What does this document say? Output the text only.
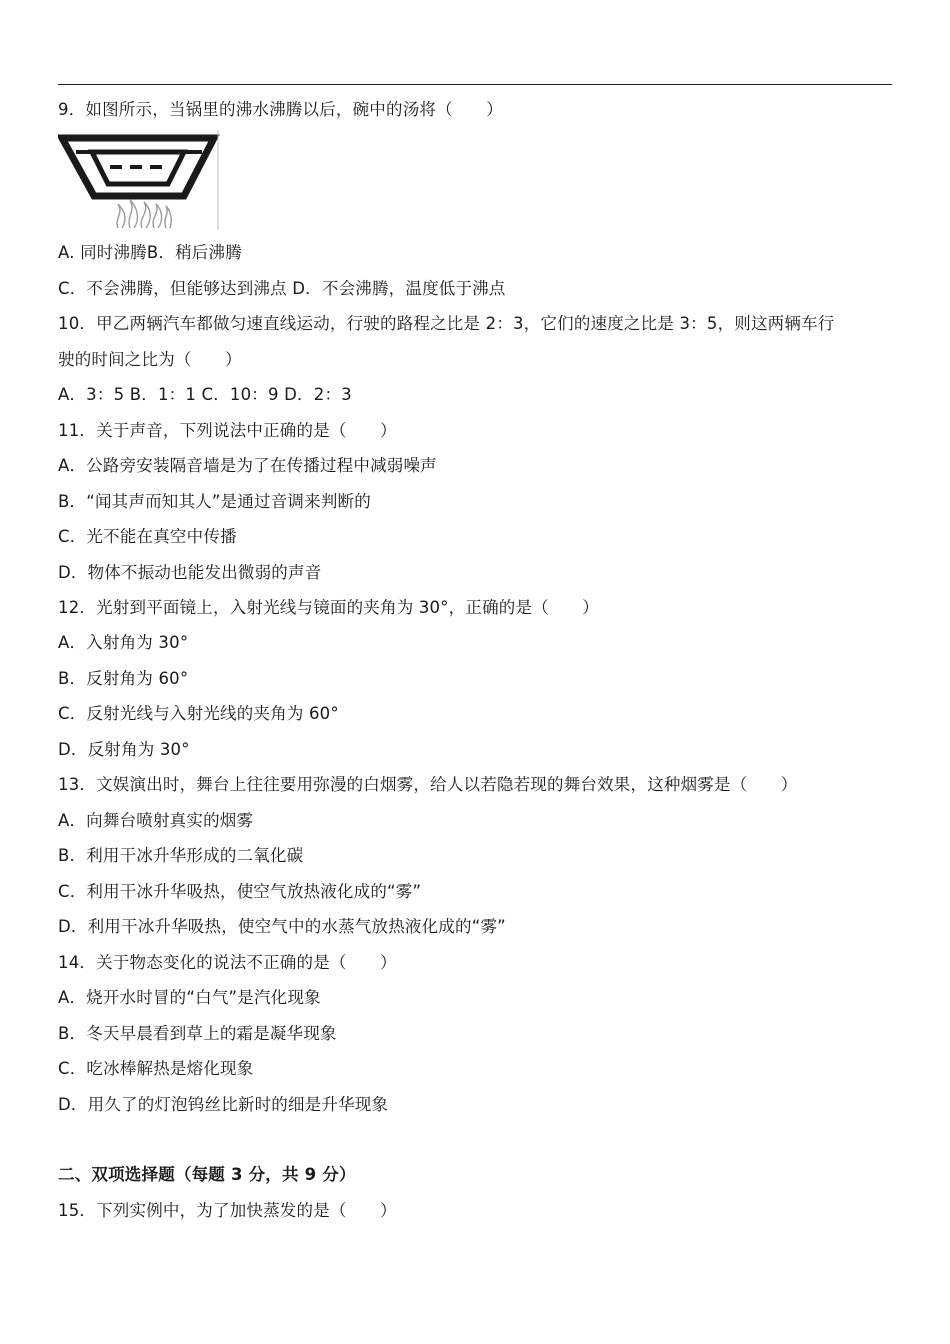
9．如图所示，当锅里的沸水沸腾以后，碗中的汤将（　　）
A. 同时沸腾B．稍后沸腾
C．不会沸腾，但能够达到沸点 D．不会沸腾，温度低于沸点
10．甲乙两辆汽车都做匀速直线运动，行驶的路程之比是 2：3，它们的速度之比是 3：5，则这两辆车行
驶的时间之比为（　　）
A．3：5 B．1：1 C．10：9 D．2：3
11．关于声音，下列说法中正确的是（　　）
A．公路旁安装隔音墙是为了在传播过程中减弱噪声
B．“闻其声而知其人”是通过音调来判断的
C．光不能在真空中传播
D．物体不振动也能发出微弱的声音
12．光射到平面镜上，入射光线与镜面的夹角为 30°，正确的是（　　）
A．入射角为 30°
B．反射角为 60°
C．反射光线与入射光线的夹角为 60°
D．反射角为 30°
13．文娱演出时，舞台上往往要用弥漫的白烟雾，给人以若隐若现的舞台效果，这种烟雾是（　　）
A．向舞台喷射真实的烟雾
B．利用干冰升华形成的二氧化碳
C．利用干冰升华吸热，使空气放热液化成的“雾”
D．利用干冰升华吸热，使空气中的水蒸气放热液化成的“雾”
14．关于物态变化的说法不正确的是（　　）
A．烧开水时冒的“白气”是汽化现象
B．冬天早晨看到草上的霜是凝华现象
C．吃冰棒解热是熔化现象
D．用久了的灯泡钨丝比新时的细是升华现象
二、双项选择题（每题 3 分，共 9 分）
15．下列实例中，为了加快蒸发的是（　　）
